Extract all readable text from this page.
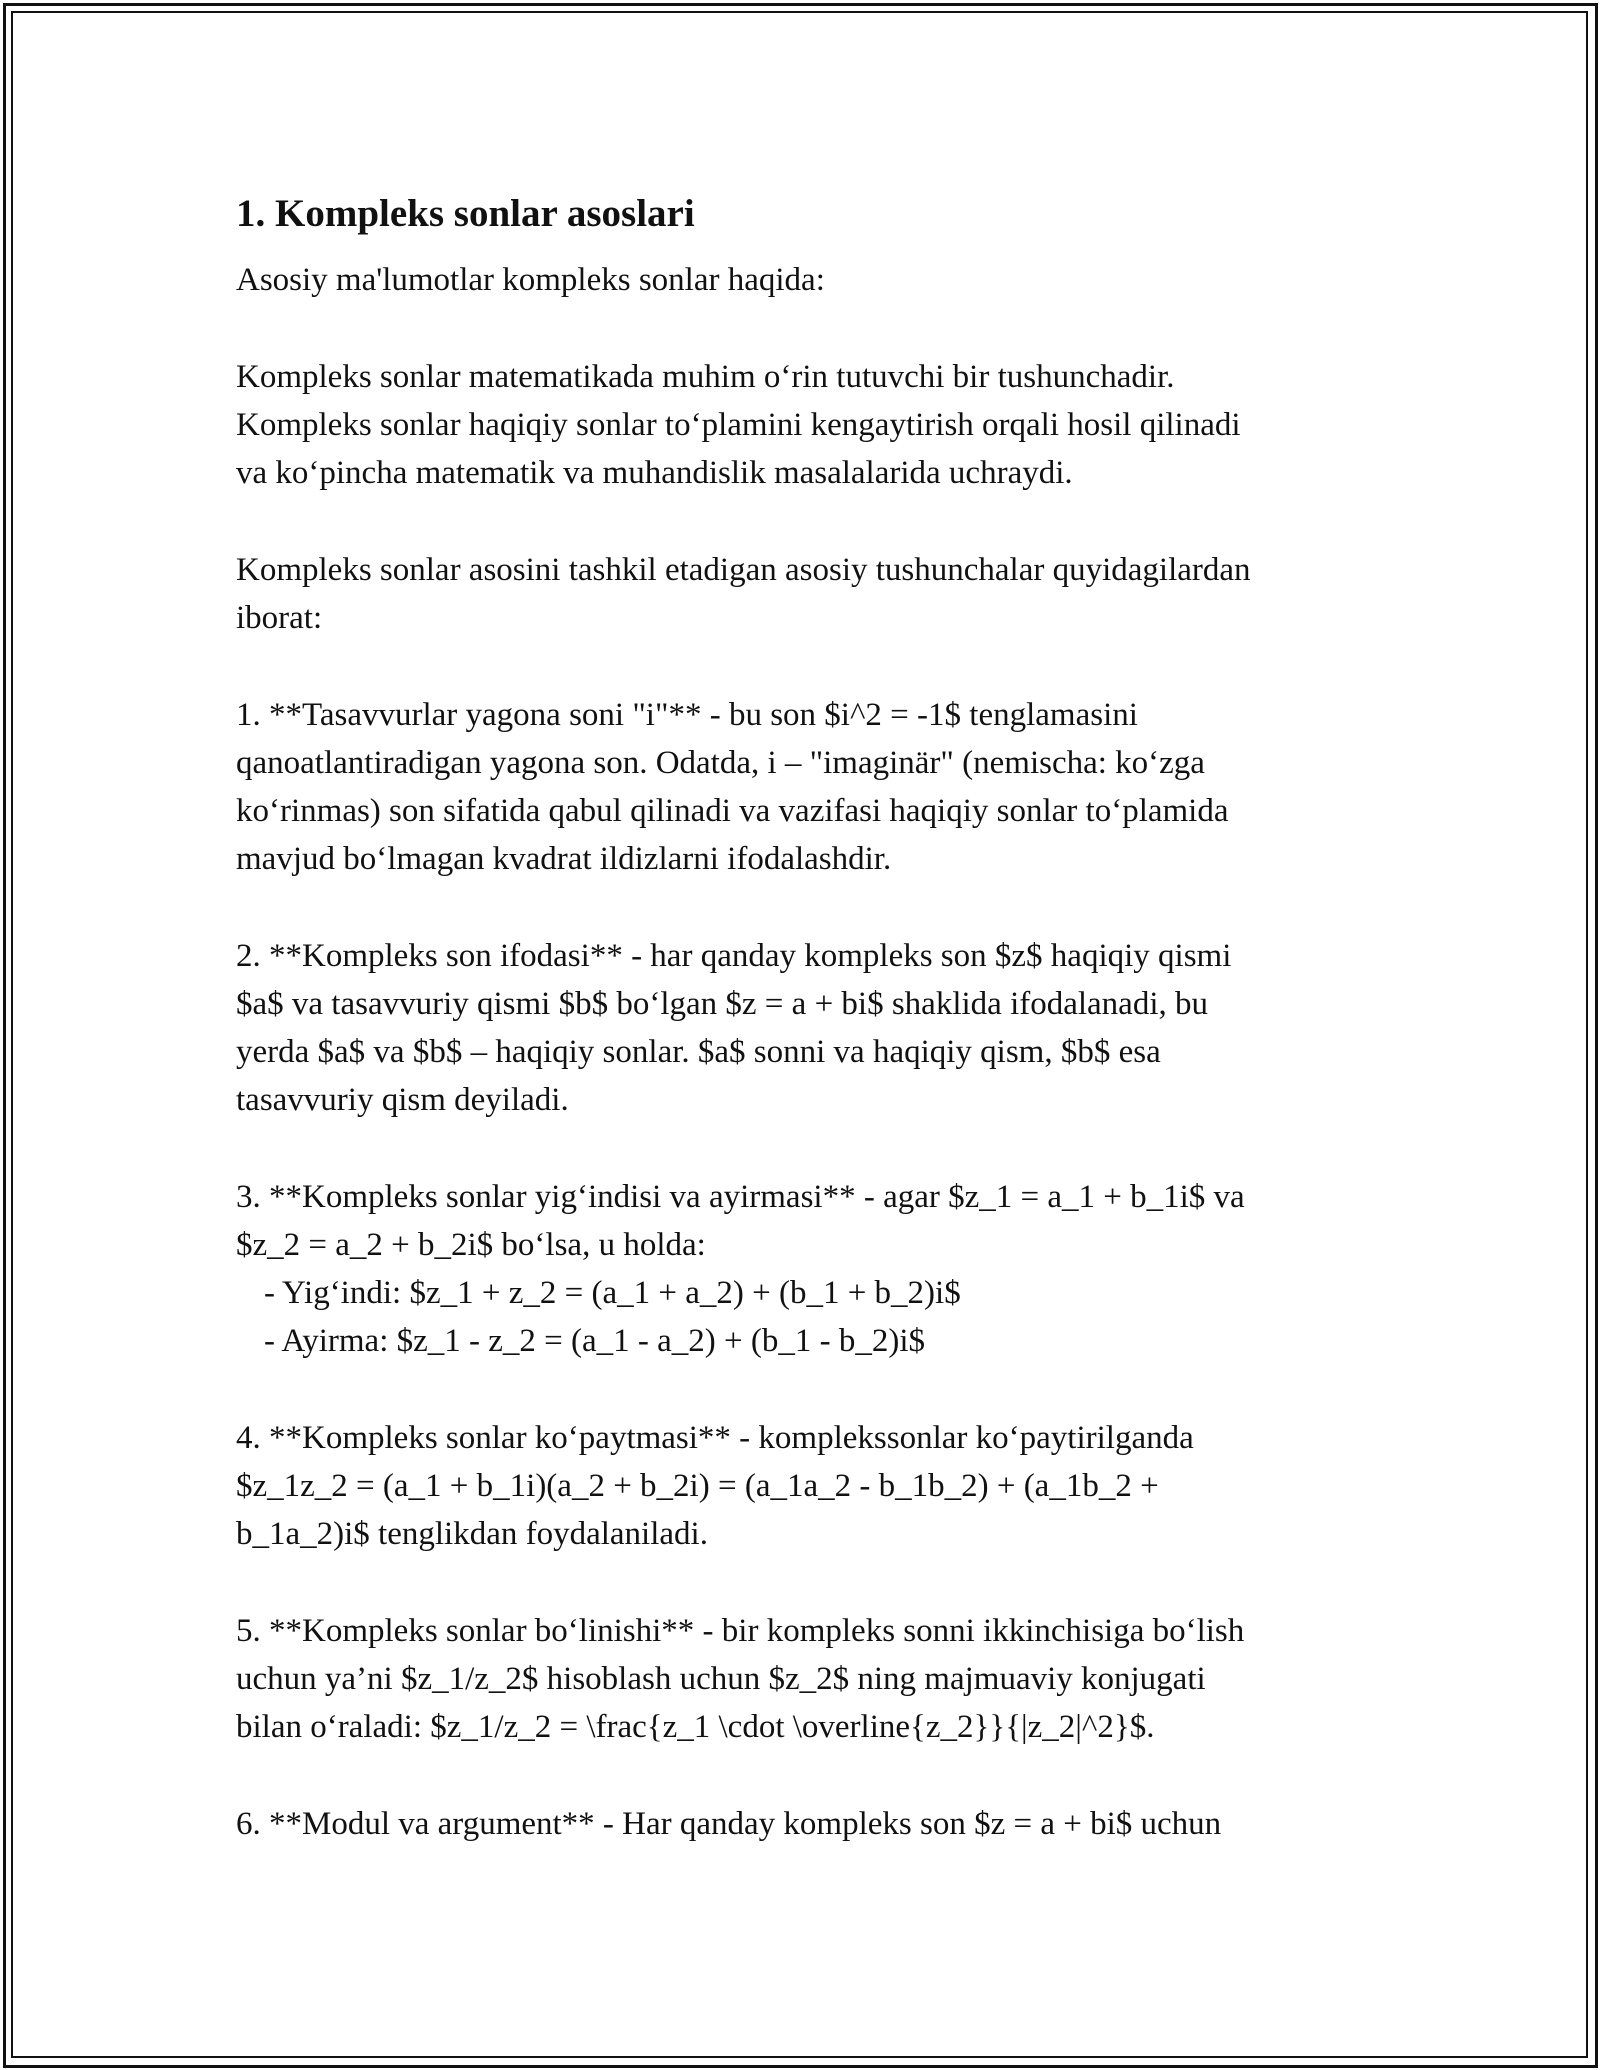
1. Kompleks sonlar asoslari

Asosiy ma'lumotlar kompleks sonlar haqida:

Kompleks sonlar matematikada muhim o‘rin tutuvchi bir tushunchadir.
Kompleks sonlar haqiqiy sonlar to‘plamini kengaytirish orqali hosil qilinadi
va ko‘pincha matematik va muhandislik masalalarida uchraydi.
Kompleks sonlar asosini tashkil etadigan asosiy tushunchalar quyidagilardan
iborat:
1. **Tasavvurlar yagona soni "i"** - bu son $i^2 = -1$ tenglamasini
qanoatlantiradigan yagona son. Odatda, i – "imaginär" (nemischa: ko‘zga
ko‘rinmas) son sifatida qabul qilinadi va vazifasi haqiqiy sonlar to‘plamida
mavjud bo‘lmagan kvadrat ildizlarni ifodalashdir.
2. **Kompleks son ifodasi** - har qanday kompleks son $z$ haqiqiy qismi
$a$ va tasavvuriy qismi $b$ bo‘lgan $z = a + bi$ shaklida ifodalanadi, bu
yerda $a$ va $b$ – haqiqiy sonlar. $a$ sonni va haqiqiy qism, $b$ esa
tasavvuriy qism deyiladi.
3. **Kompleks sonlar yig‘indisi va ayirmasi** - agar $z_1 = a_1 + b_1i$ va
$z_2 = a_2 + b_2i$ bo‘lsa, u holda:
- Yig‘indi: $z_1 + z_2 = (a_1 + a_2) + (b_1 + b_2)i$
- Ayirma: $z_1 - z_2 = (a_1 - a_2) + (b_1 - b_2)i$
4. **Kompleks sonlar ko‘paytmasi** - komplekssonlar ko‘paytirilganda
$z_1z_2 = (a_1 + b_1i)(a_2 + b_2i) = (a_1a_2 - b_1b_2) + (a_1b_2 +
b_1a_2)i$ tenglikdan foydalaniladi.
5. **Kompleks sonlar bo‘linishi** - bir kompleks sonni ikkinchisiga bo‘lish
uchun ya’ni $z_1/z_2$ hisoblash uchun $z_2$ ning majmuaviy konjugati
bilan o‘raladi: $z_1/z_2 = \frac{z_1 \cdot \overline{z_2}}{|z_2|^2}$.
6. **Modul va argument** - Har qanday kompleks son $z = a + bi$ uchun
